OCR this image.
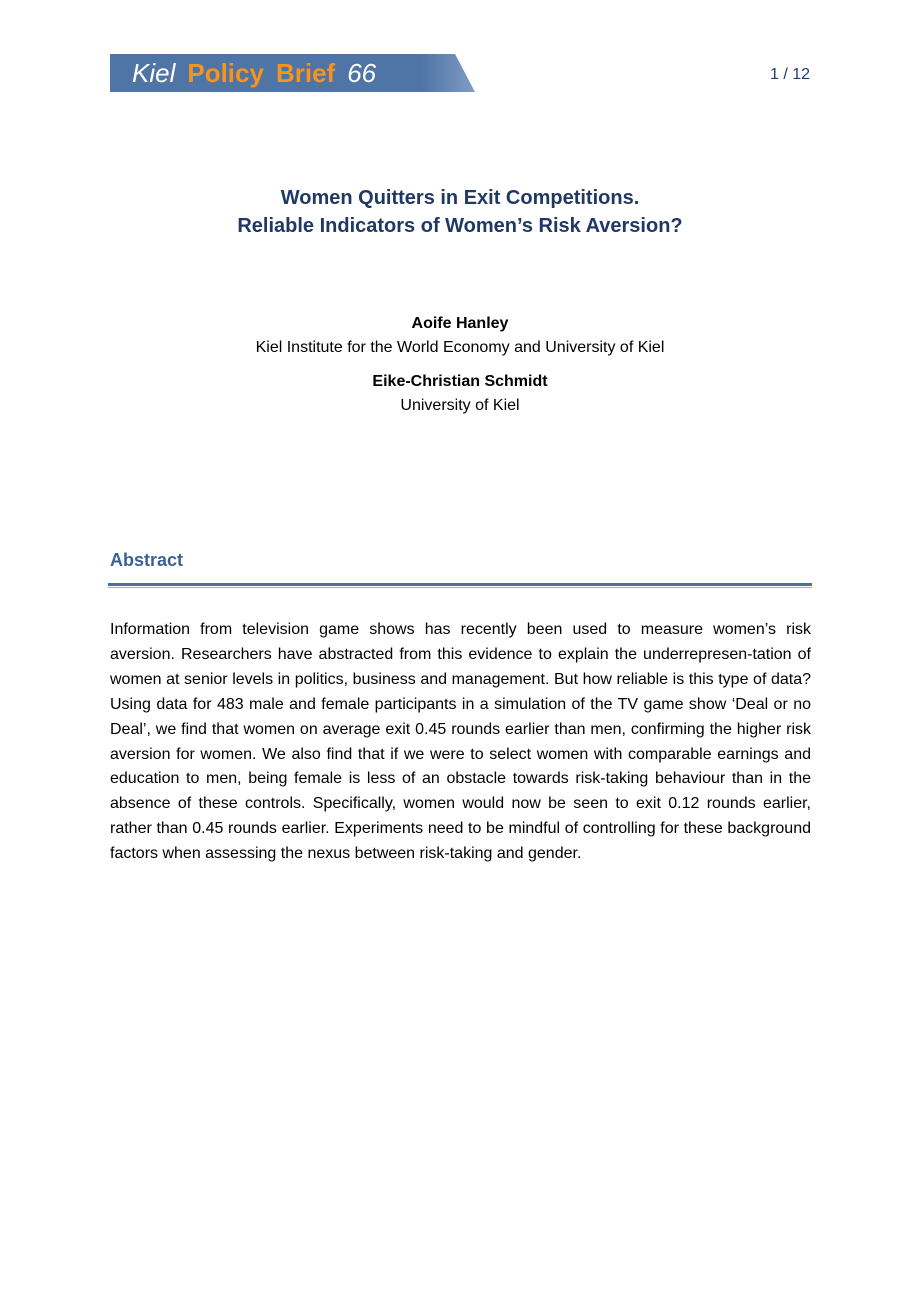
Kiel Policy Brief 66	1 / 12
Women Quitters in Exit Competitions.
Reliable Indicators of Women’s Risk Aversion?
Aoife Hanley
Kiel Institute for the World Economy and University of Kiel
Eike-Christian Schmidt
University of Kiel
Abstract

Information from television game shows has recently been used to measure women’s risk aversion. Researchers have abstracted from this evidence to explain the underrepresen-tation of women at senior levels in politics, business and management. But how reliable is this type of data? Using data for 483 male and female participants in a simulation of the TV game show ‘Deal or no Deal’, we find that women on average exit 0.45 rounds earlier than men, confirming the higher risk aversion for women. We also find that if we were to select women with comparable earnings and education to men, being female is less of an obstacle towards risk-taking behaviour than in the absence of these controls. Specifically, women would now be seen to exit 0.12 rounds earlier, rather than 0.45 rounds earlier. Experiments need to be mindful of controlling for these background factors when assessing the nexus between risk-taking and gender.
